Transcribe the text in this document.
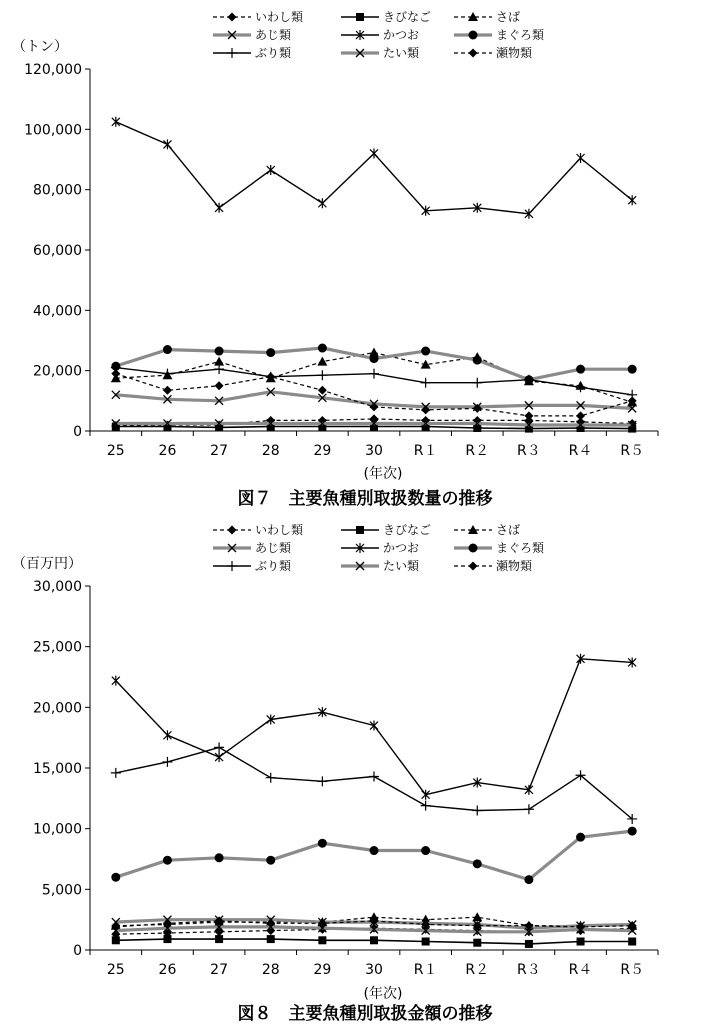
いわし類	きびなご	さば
あじ類	かつお	まぐろ類
ぶり類	たい類	瀬物類
（トン）
0
20,000
40,000
60,000
80,000
100,000
120,000
25 26 27 28 29 30 R１ R２ R３ R４ R５
(年次)
図７　主要魚種別取扱数量の推移
いわし類	きびなご	さば
あじ類	かつお	まぐろ類
ぶり類	たい類	瀬物類
（百万円）
0
5,000
10,000
15,000
20,000
25,000
30,000
25 26 27 28 29 30 R１ R２ R３ R４ R５
(年次)
図８　主要魚種別取扱金額の推移
